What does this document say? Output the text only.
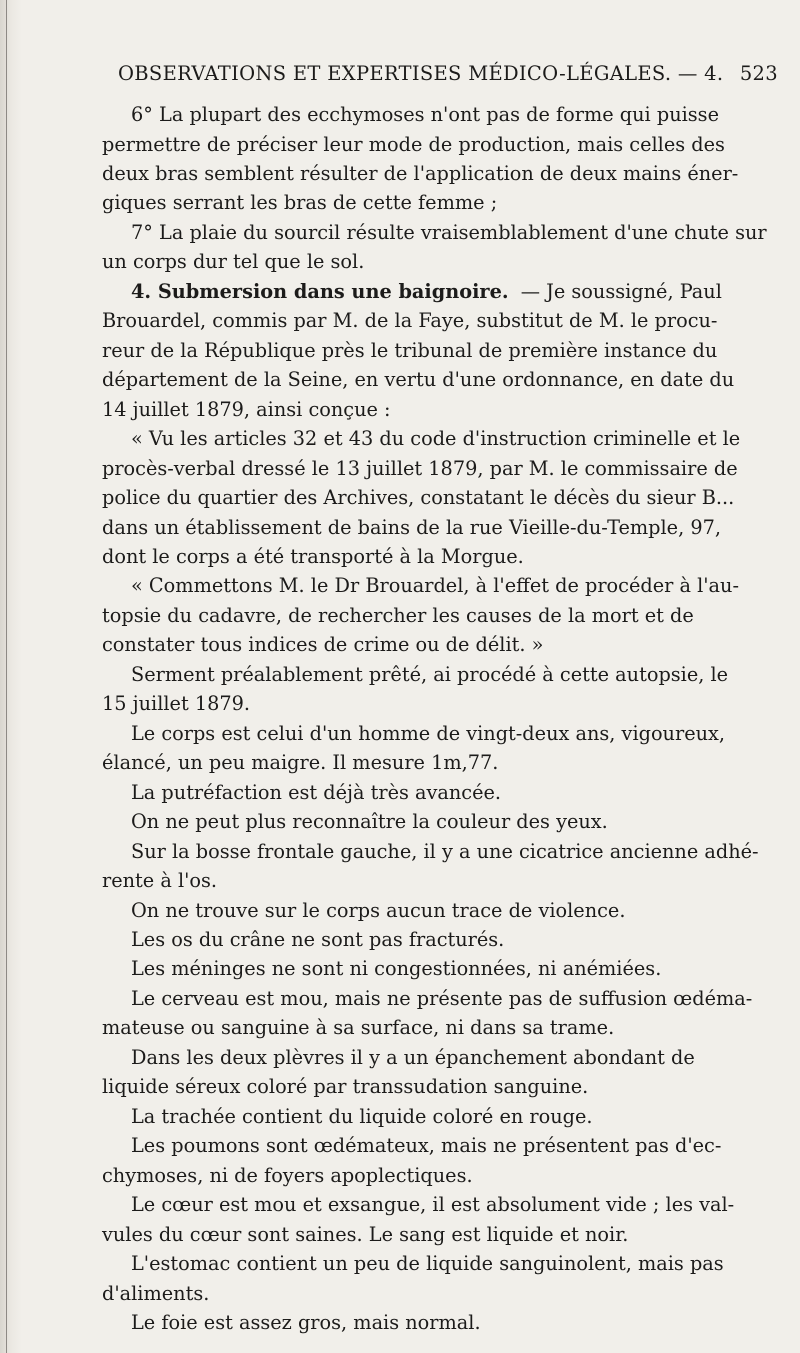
OBSERVATIONS ET EXPERTISES MÉDICO-LÉGALES. — 4. 523
6° La plupart des ecchymoses n'ont pas de forme qui puisse
permettre de préciser leur mode de production, mais celles des
deux bras semblent résulter de l'application de deux mains éner-
giques serrant les bras de cette femme ;
7° La plaie du sourcil résulte vraisemblablement d'une chute sur
un corps dur tel que le sol.
4. Submersion dans une baignoire. — Je soussigné, Paul
Brouardel, commis par M. de la Faye, substitut de M. le procu-
reur de la République près le tribunal de première instance du
département de la Seine, en vertu d'une ordonnance, en date du
14 juillet 1879, ainsi conçue :
« Vu les articles 32 et 43 du code d'instruction criminelle et le
procès-verbal dressé le 13 juillet 1879, par M. le commissaire de
police du quartier des Archives, constatant le décès du sieur B...
dans un établissement de bains de la rue Vieille-du-Temple, 97,
dont le corps a été transporté à la Morgue.
« Commettons M. le Dr Brouardel, à l'effet de procéder à l'au-
topsie du cadavre, de rechercher les causes de la mort et de
constater tous indices de crime ou de délit. »
Serment préalablement prêté, ai procédé à cette autopsie, le
15 juillet 1879.
Le corps est celui d'un homme de vingt-deux ans, vigoureux,
élancé, un peu maigre. Il mesure 1m,77.
La putréfaction est déjà très avancée.
On ne peut plus reconnaître la couleur des yeux.
Sur la bosse frontale gauche, il y a une cicatrice ancienne adhé-
rente à l'os.
On ne trouve sur le corps aucun trace de violence.
Les os du crâne ne sont pas fracturés.
Les méninges ne sont ni congestionnées, ni anémiées.
Le cerveau est mou, mais ne présente pas de suffusion œdéma-
mateuse ou sanguine à sa surface, ni dans sa trame.
Dans les deux plèvres il y a un épanchement abondant de
liquide séreux coloré par transsudation sanguine.
La trachée contient du liquide coloré en rouge.
Les poumons sont œdémateux, mais ne présentent pas d'ec-
chymoses, ni de foyers apoplectiques.
Le cœur est mou et exsangue, il est absolument vide ; les val-
vules du cœur sont saines. Le sang est liquide et noir.
L'estomac contient un peu de liquide sanguinolent, mais pas
d'aliments.
Le foie est assez gros, mais normal.
